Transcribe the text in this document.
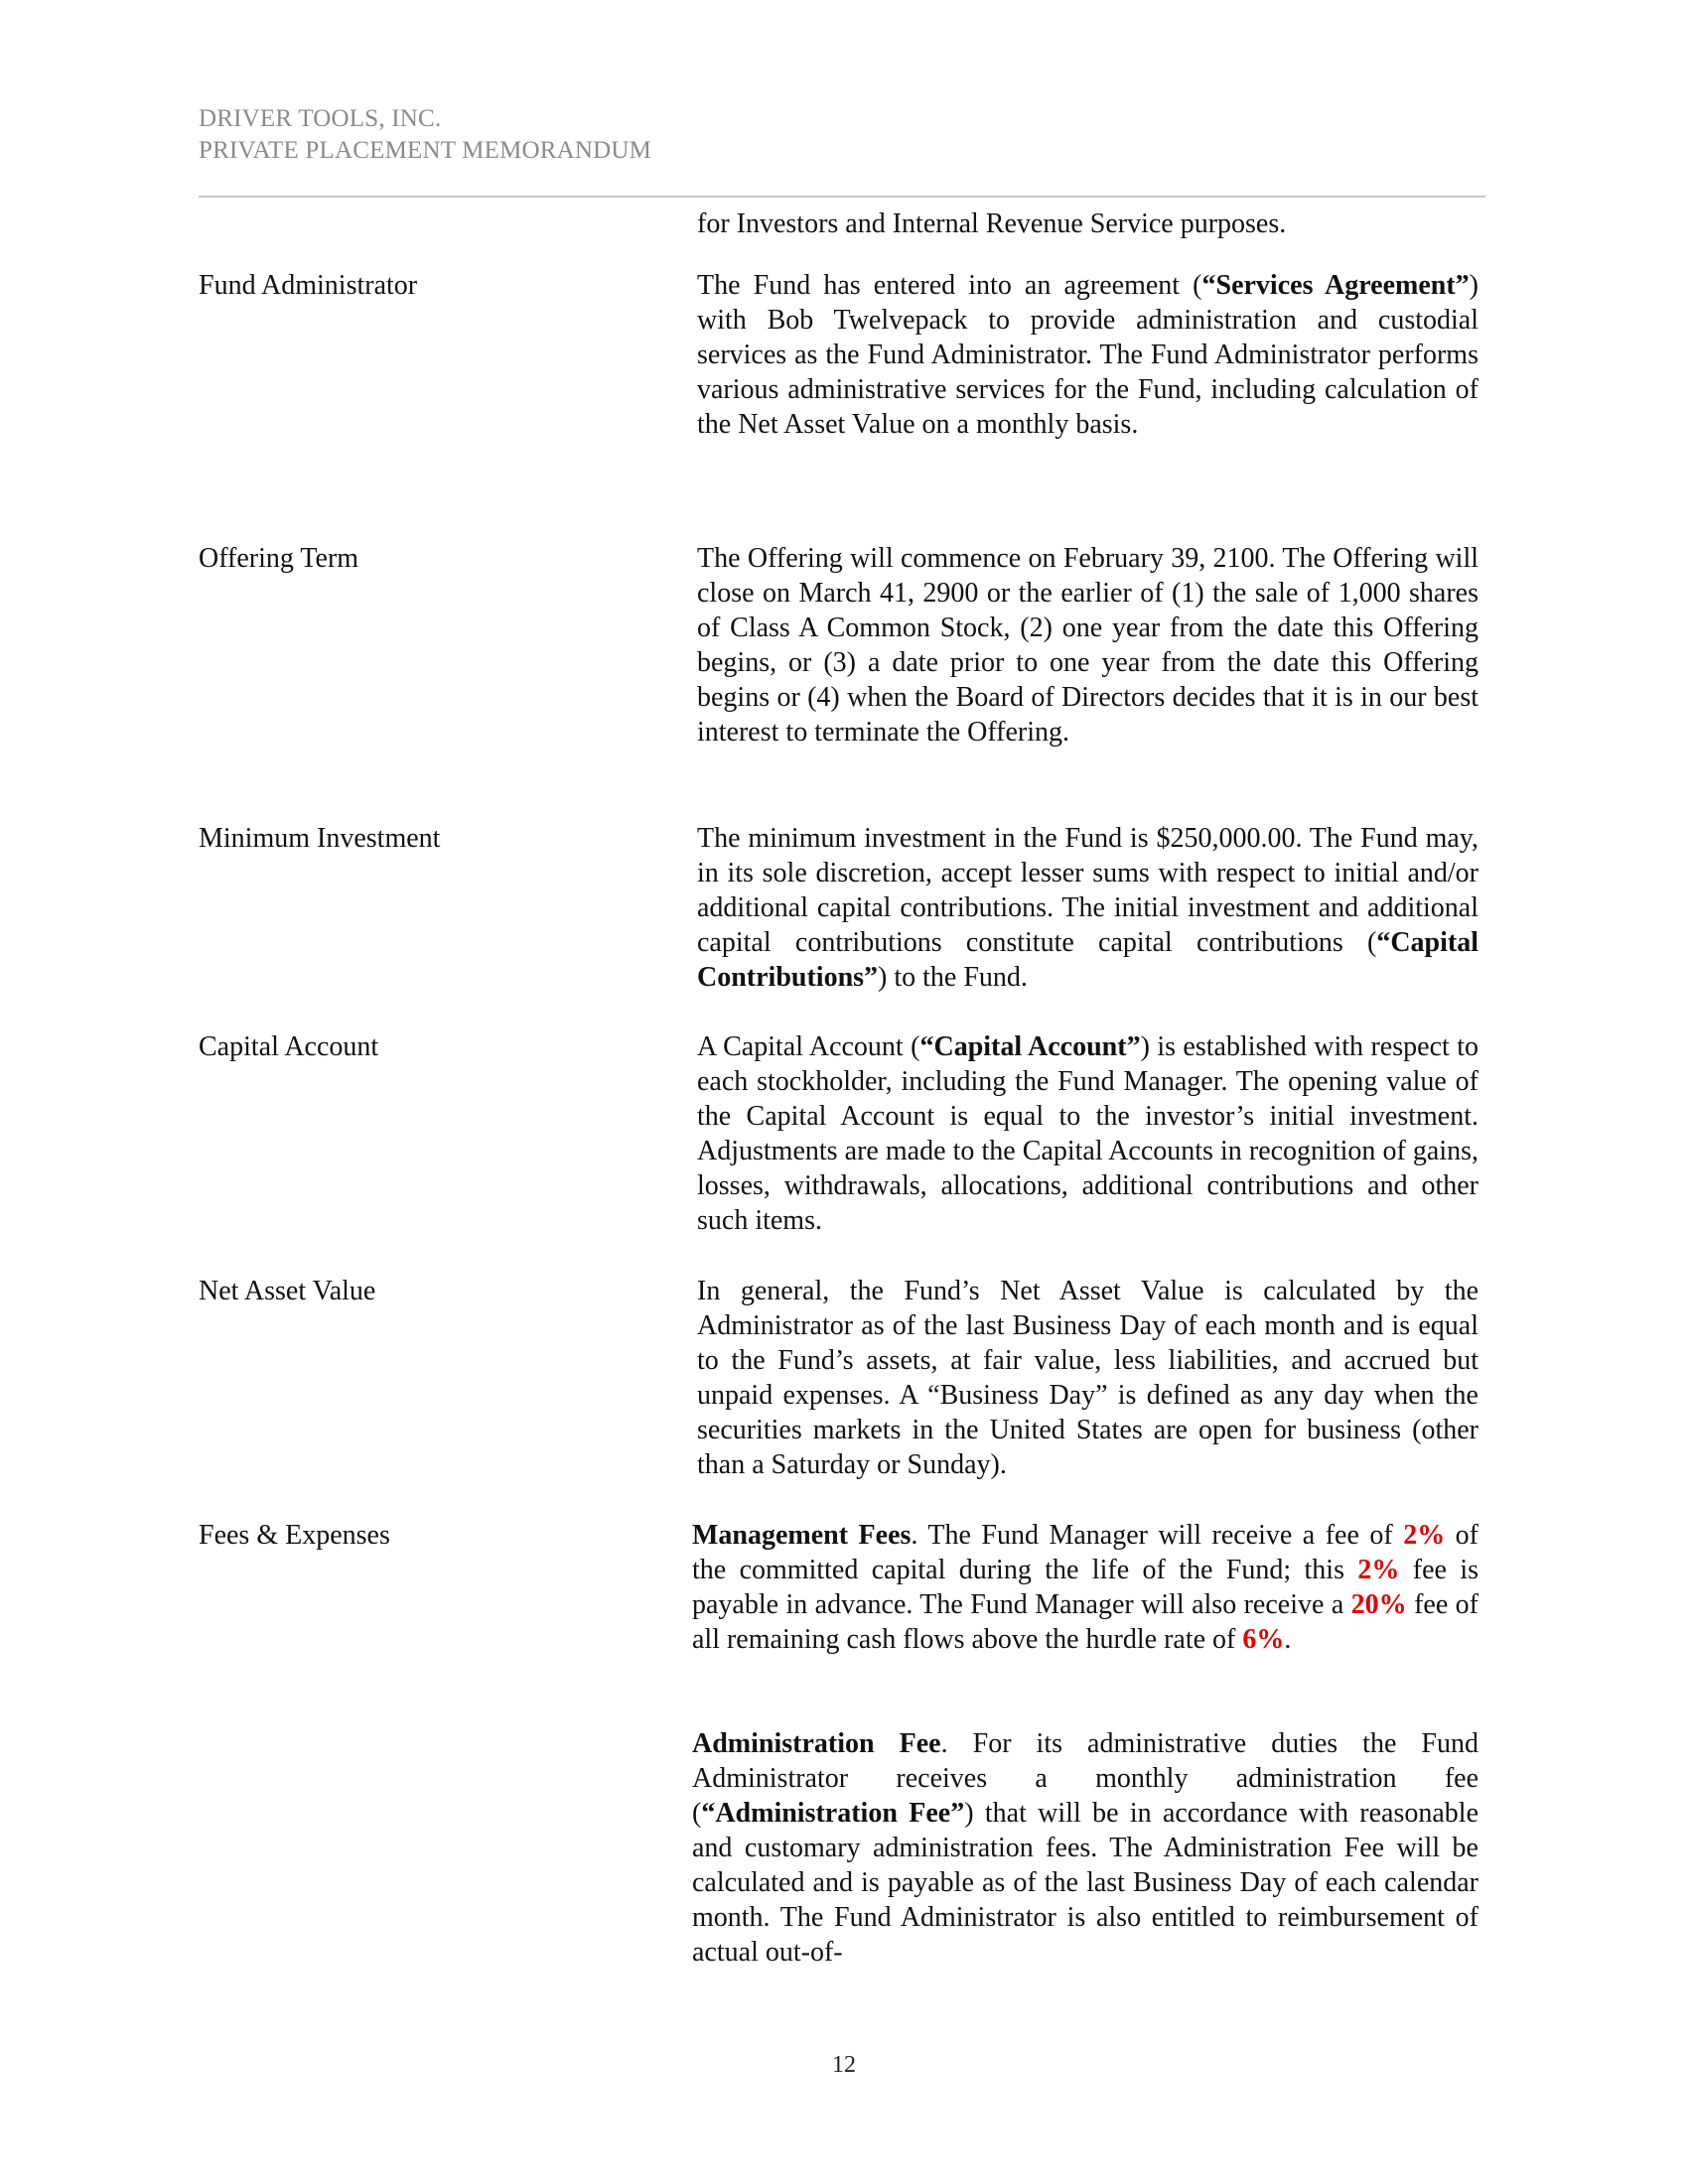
DRIVER TOOLS, INC.
PRIVATE PLACEMENT MEMORANDUM
for Investors and Internal Revenue Service purposes.
Fund Administrator	The Fund has entered into an agreement (“Services Agreement”) with Bob Twelvepack to provide administration and custodial services as the Fund Administrator. The Fund Administrator performs various administrative services for the Fund, including calculation of the Net Asset Value on a monthly basis.
Offering Term	The Offering will commence on February 39, 2100. The Offering will close on March 41, 2900 or the earlier of (1) the sale of 1,000 shares of Class A Common Stock, (2) one year from the date this Offering begins, or (3) a date prior to one year from the date this Offering begins or (4) when the Board of Directors decides that it is in our best interest to terminate the Offering.
Minimum Investment	The minimum investment in the Fund is $250,000.00. The Fund may, in its sole discretion, accept lesser sums with respect to initial and/or additional capital contributions. The initial investment and additional capital contributions constitute capital contributions (“Capital Contributions”) to the Fund.
Capital Account	A Capital Account (“Capital Account”) is established with respect to each stockholder, including the Fund Manager. The opening value of the Capital Account is equal to the investor’s initial investment. Adjustments are made to the Capital Accounts in recognition of gains, losses, withdrawals, allocations, additional contributions and other such items.
Net Asset Value	In general, the Fund’s Net Asset Value is calculated by the Administrator as of the last Business Day of each month and is equal to the Fund’s assets, at fair value, less liabilities, and accrued but unpaid expenses. A “Business Day” is defined as any day when the securities markets in the United States are open for business (other than a Saturday or Sunday).
Fees & Expenses	Management Fees. The Fund Manager will receive a fee of 2% of the committed capital during the life of the Fund; this 2% fee is payable in advance. The Fund Manager will also receive a 20% fee of all remaining cash flows above the hurdle rate of 6%.
Administration Fee. For its administrative duties the Fund Administrator receives a monthly administration fee (“Administration Fee”) that will be in accordance with reasonable and customary administration fees. The Administration Fee will be calculated and is payable as of the last Business Day of each calendar month. The Fund Administrator is also entitled to reimbursement of actual out-of-
12
